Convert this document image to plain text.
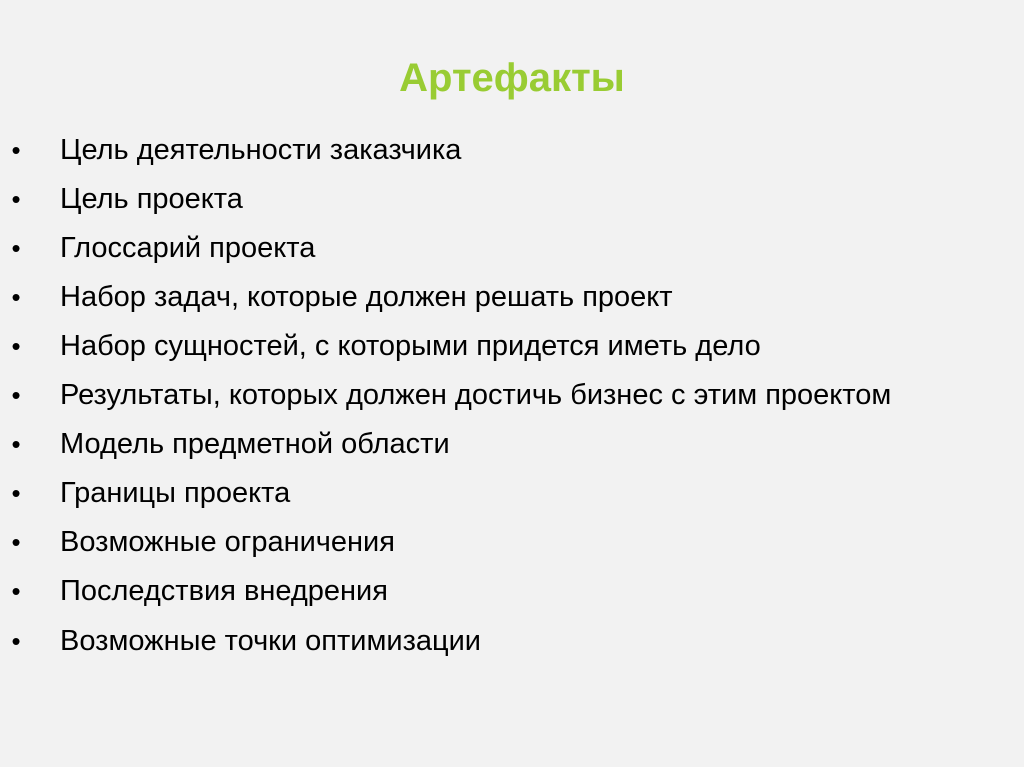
Артефакты
• Цель деятельности заказчика
• Цель проекта
• Глоссарий проекта
• Набор задач, которые должен решать проект
• Набор сущностей, с которыми придется иметь дело
• Результаты, которых должен достичь бизнес с этим проектом
• Модель предметной области
• Границы проекта
• Возможные ограничения
• Последствия внедрения
• Возможные точки оптимизации
